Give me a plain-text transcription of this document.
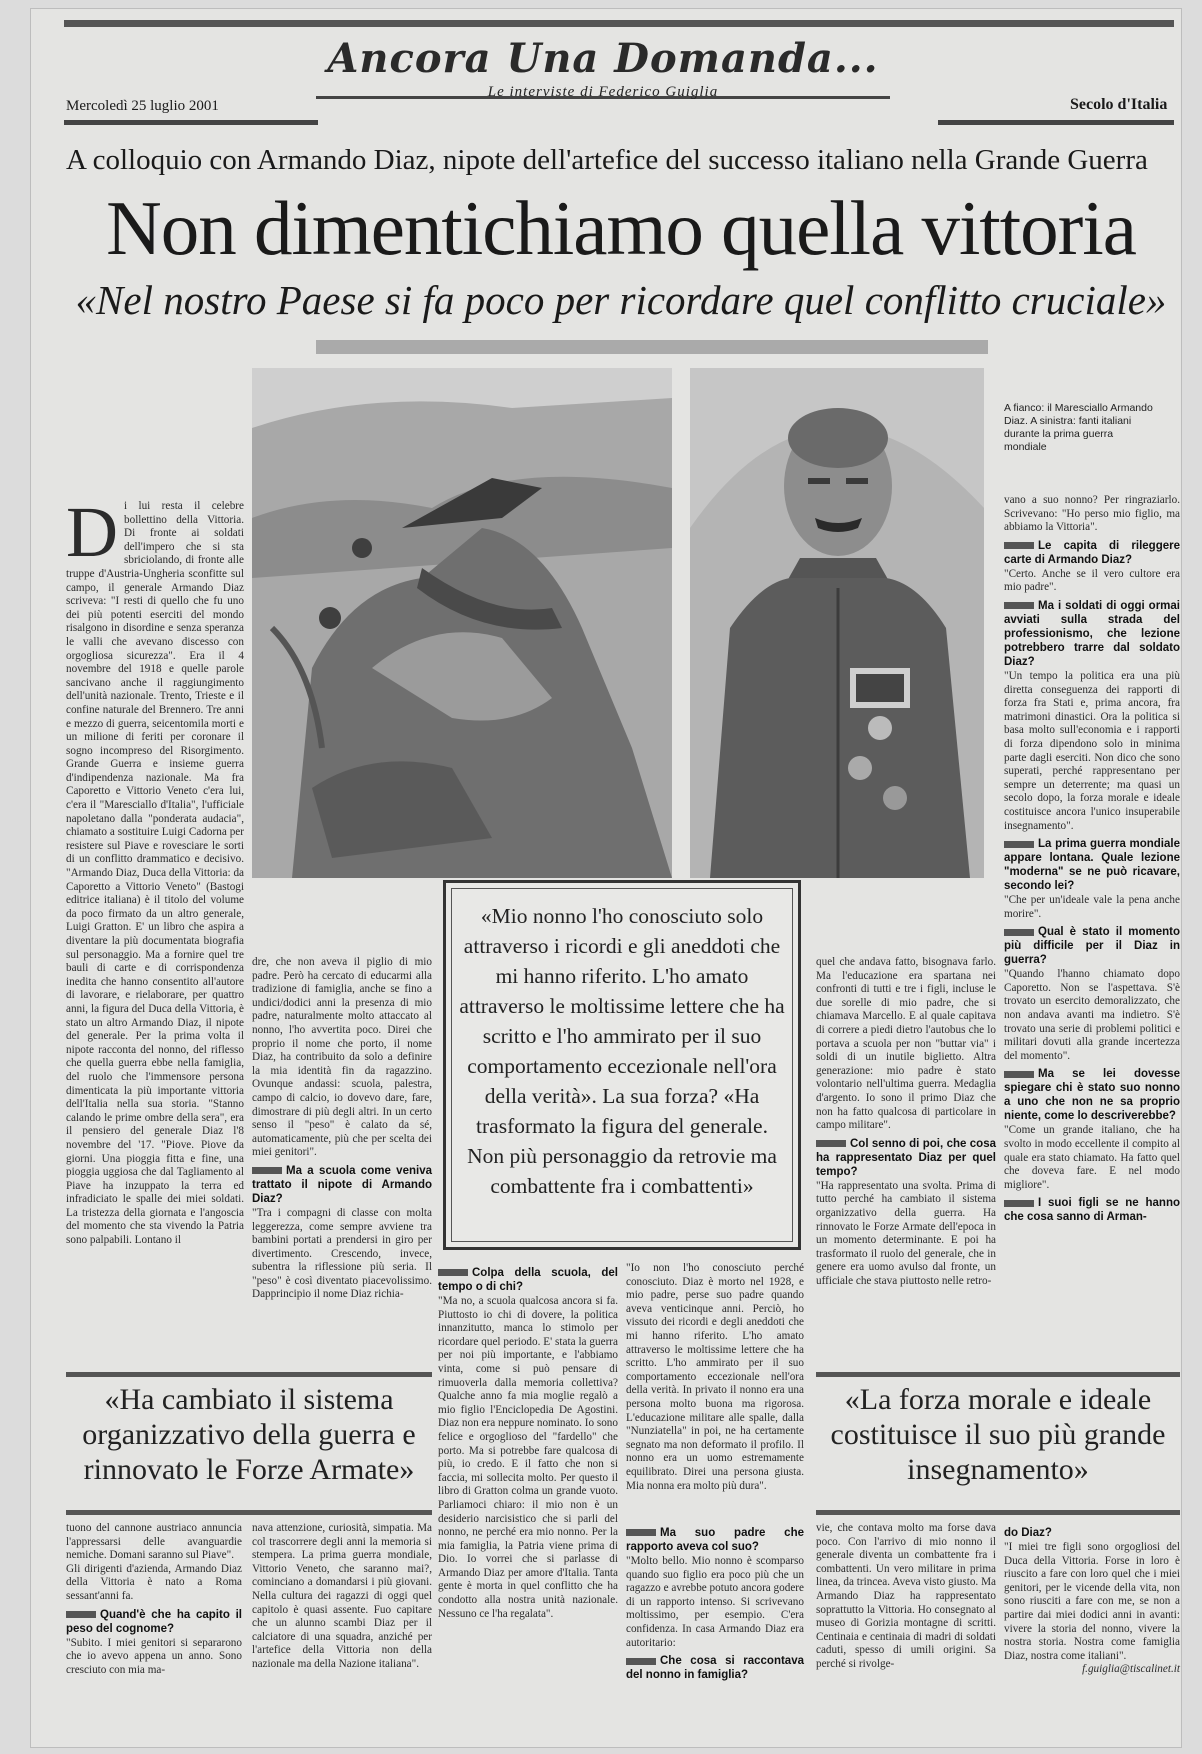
Ancora Una Domanda...
Le interviste di Federico Guiglia
Mercoledì 25 luglio 2001	Secolo d'Italia
A colloquio con Armando Diaz, nipote dell'artefice del successo italiano nella Grande Guerra
Non dimentichiamo quella vittoria
«Nel nostro Paese si fa poco per ricordare quel conflitto cruciale»
A fianco: il Maresciallo Armando Diaz. A sinistra: fanti italiani durante la prima guerra mondiale
D i lui resta il celebre bollettino della Vittoria. Di fronte ai soldati dell'impero che si sta sbriciolando, di fronte alle truppe d'Austria-Ungheria sconfitte sul campo, il generale Armando Diaz scriveva: "I resti di quello che fu uno dei più potenti eserciti del mondo risalgono in disordine e senza speranza le valli che avevano discesso con orgogliosa sicurezza". Era il 4 novembre del 1918 e quelle parole sancivano anche il raggiungimento dell'unità nazionale. Trento, Trieste e il confine naturale del Brennero. Tre anni e mezzo di guerra, seicentomila morti e un milione di feriti per coronare il sogno incompreso del Risorgimento. Grande Guerra e insieme guerra d'indipendenza nazionale. Ma fra Caporetto e Vittorio Veneto c'era lui, c'era il "Maresciallo d'Italia", l'ufficiale napoletano dalla "ponderata audacia", chiamato a sostituire Luigi Cadorna per resistere sul Piave e rovesciare le sorti di un conflitto drammatico e decisivo. "Armando Diaz, Duca della Vittoria: da Caporetto a Vittorio Veneto" (Bastogi editrice italiana) è il titolo del volume da poco firmato da un altro generale, Luigi Gratton. E' un libro che aspira a diventare la più documentata biografia sul personaggio. Ma a fornire quel tre bauli di carte e di corrispondenza inedita che hanno consentito all'autore di lavorare, e rielaborare, per quattro anni, la figura del Duca della Vittoria, è stato un altro Armando Diaz, il nipote del generale. Per la prima volta il nipote racconta del nonno, del riflesso che quella guerra ebbe nella famiglia, del ruolo che l'immensore persona dimenticata la più importante vittoria dell'Italia nella sua storia. "Stanno calando le prime ombre della sera", era il pensiero del generale Diaz l'8 novembre del '17. "Piove. Piove da giorni. Una pioggia fitta e fine, una pioggia uggiosa che dal Tagliamento al Piave ha inzuppato la terra ed infradiciato le spalle dei miei soldati. La tristezza della giornata e l'angoscia del momento che sta vivendo la Patria sono palpabili. Lontano il

dre, che non aveva il piglio di mio padre. Però ha cercato di educarmi alla tradizione di famiglia, anche se fino a undici/dodici anni la presenza di mio padre, naturalmente molto attaccato al nonno, l'ho avvertita poco. Direi che proprio il nome che porto, il nome Diaz, ha contribuito da solo a definire la mia identità fin da ragazzino. Ovunque andassi: scuola, palestra, campo di calcio, io dovevo dare, fare, dimostrare di più degli altri. In un certo senso il "peso" è calato da sé, automaticamente, più che per scelta dei miei genitori".

Ma a scuola come veniva trattato il nipote di Armando Diaz?

"Tra i compagni di classe con molta leggerezza, come sempre avviene tra bambini portati a prendersi in giro per divertimento. Crescendo, invece, subentra la riflessione più seria. Il "peso" è così diventato piacevolissimo. Dapprincipio il nome Diaz richia-

Colpa della scuola, del tempo o di chi?

"Ma no, a scuola qualcosa ancora si fa. Piuttosto io chi di dovere, la politica innanzitutto, manca lo stimolo per ricordare quel periodo. E' stata la guerra per noi più importante, e l'abbiamo vinta, come si può pensare di rimuoverla dalla memoria collettiva? Qualche anno fa mia moglie regalò a mio figlio l'Enciclopedia De Agostini. Diaz non era neppure nominato. Io sono felice e orgoglioso del "fardello" che porto. Ma si potrebbe fare qualcosa di più, io credo. E il fatto che non si faccia, mi sollecita molto. Per questo il libro di Gratton colma un grande vuoto. Parliamoci chiaro: il mio non è un desiderio narcisistico che si parli del nonno, ne perché era mio nonno. Per la mia famiglia, la Patria viene prima di Dio. Io vorrei che si parlasse di Armando Diaz per amore d'Italia. Tanta gente è morta in quel conflitto che ha condotto alla nostra unità nazionale. Nessuno ce l'ha regalata".

"Io non l'ho conosciuto perché conosciuto. Diaz è morto nel 1928, e mio padre, perse suo padre quando aveva venticinque anni. Perciò, ho vissuto dei ricordi e degli aneddoti che mi hanno riferito. L'ho amato attraverso le moltissime lettere che ha scritto. L'ho ammirato per il suo comportamento eccezionale nell'ora della verità. In privato il nonno era una persona molto buona ma rigorosa. L'educazione militare alle spalle, dalla "Nunziatella" in poi, ne ha certamente segnato ma non deformato il profilo. Il nonno era un uomo estremamente equilibrato. Direi una persona giusta. Mia nonna era molto più dura".

quel che andava fatto, bisognava farlo. Ma l'educazione era spartana nei confronti di tutti e tre i figli, incluse le due sorelle di mio padre, che si chiamava Marcello. E al quale capitava di correre a piedi dietro l'autobus che lo portava a scuola per non "buttar via" i soldi di un inutile biglietto. Altra generazione: mio padre è stato volontario nell'ultima guerra. Medaglia d'argento. Io sono il primo Diaz che non ha fatto qualcosa di particolare in campo militare".

Col senno di poi, che cosa ha rappresentato Diaz per quel tempo?

"Ha rappresentato una svolta. Prima di tutto perché ha cambiato il sistema organizzativo della guerra. Ha rinnovato le Forze Armate dell'epoca in un momento determinante. E poi ha trasformato il ruolo del generale, che in genere era uomo avulso dal fronte, un ufficiale che stava piuttosto nelle retro-

vano a suo nonno? Per ringraziarlo. Scrivevano: "Ho perso mio figlio, ma abbiamo la Vittoria".

Le capita di rileggere carte di Armando Diaz?

"Certo. Anche se il vero cultore era mio padre".

Ma i soldati di oggi ormai avviati sulla strada del professionismo, che lezione potrebbero trarre dal soldato Diaz?

"Un tempo la politica era una più diretta conseguenza dei rapporti di forza fra Stati e, prima ancora, fra matrimoni dinastici. Ora la politica si basa molto sull'economia e i rapporti di forza dipendono solo in minima parte dagli eserciti. Non dico che sono superati, perché rappresentano per sempre un deterrente; ma quasi un secolo dopo, la forza morale e ideale costituisce ancora l'unico insuperabile insegnamento".

La prima guerra mondiale appare lontana. Quale lezione "moderna" se ne può ricavare, secondo lei?

"Che per un'ideale vale la pena anche morire".

Qual è stato il momento più difficile per il Diaz in guerra?

"Quando l'hanno chiamato dopo Caporetto. Non se l'aspettava. S'è trovato un esercito demoralizzato, che non andava avanti ma indietro. S'è trovato una serie di problemi politici e militari dovuti alla grande incertezza del momento".

Ma se lei dovesse spiegare chi è stato suo nonno a uno che non ne sa proprio niente, come lo descriverebbe?

"Come un grande italiano, che ha svolto in modo eccellente il compito al quale era stato chiamato. Ha fatto quel che doveva fare. E nel modo migliore".

I suoi figli se ne hanno che cosa sanno di Arman-
«Mio nonno l'ho conosciuto solo attraverso i ricordi e gli aneddoti che mi hanno riferito. L'ho amato attraverso le moltissime lettere che ha scritto e l'ho ammirato per il suo comportamento eccezionale nell'ora della verità». La sua forza? «Ha trasformato la figura del generale. Non più personaggio da retrovie ma combattente fra i combattenti»
«Ha cambiato il sistema organizzativo della guerra e rinnovato le Forze Armate»
«La forza morale e ideale costituisce il suo più grande insegnamento»

tuono del cannone austriaco annuncia l'appressarsi delle avanguardie nemiche. Domani saranno sul Piave".

Gli dirigenti d'azienda, Armando Diaz della Vittoria è nato a Roma sessant'anni fa.

Quand'è che ha capito il peso del cognome?

"Subito. I miei genitori si separarono che io avevo appena un anno. Sono cresciuto con mia ma-

nava attenzione, curiosità, simpatia. Ma col trascorrere degli anni la memoria si stempera. La prima guerra mondiale, Vittorio Veneto, che saranno mai?, cominciano a domandarsi i più giovani. Nella cultura dei ragazzi di oggi quel capitolo è quasi assente. Fuo capitare che un alunno scambi Diaz per il calciatore di una squadra, anziché per l'artefice della Vittoria non della nazionale ma della Nazione italiana".

Ma suo padre che rapporto aveva col suo?

"Molto bello. Mio nonno è scomparso quando suo figlio era poco più che un ragazzo e avrebbe potuto ancora godere di un rapporto intenso. Si scrivevano moltissimo, per esempio. C'era confidenza. In casa Armando Diaz era autoritario:

Che cosa si raccontava del nonno in famiglia?

vie, che contava molto ma forse dava poco. Con l'arrivo di mio nonno il generale diventa un combattente fra i combattenti. Un vero militare in prima linea, da trincea. Aveva visto giusto. Ma Armando Diaz ha rappresentato soprattutto la Vittoria. Ho consegnato al museo di Gorizia montagne di scritti. Centinaia e centinaia di madri di soldati caduti, spesso di umili origini. Sa perché si rivolge-

do Diaz?

"I miei tre figli sono orgogliosi del Duca della Vittoria. Forse in loro è riuscito a fare con loro quel che i miei genitori, per le vicende della vita, non sono riusciti a fare con me, se non a partire dai miei dodici anni in avanti: vivere la storia del nonno, vivere la nostra storia. Nostra come famiglia Diaz, nostra come italiani".

f.guiglia@tiscalinet.it
